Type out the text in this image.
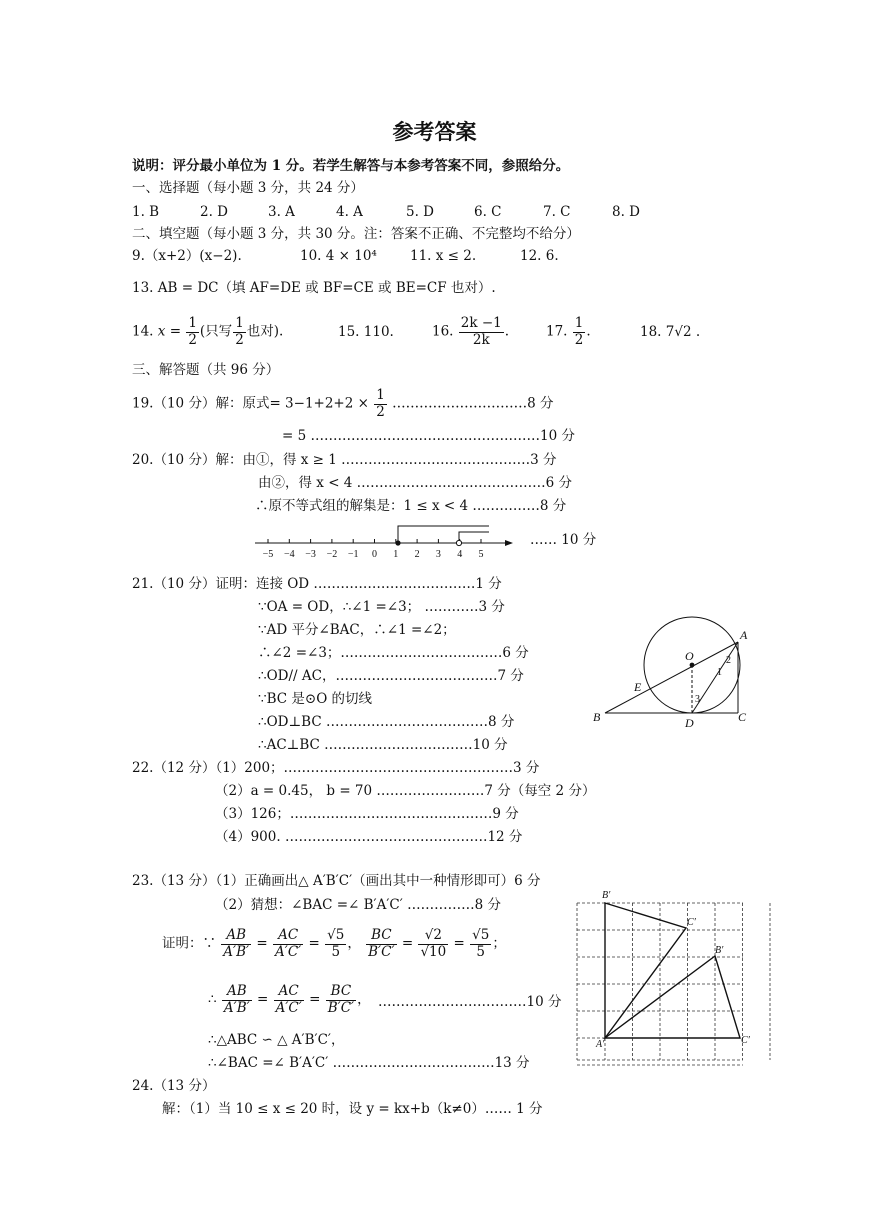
参考答案
说明：评分最小单位为 1 分。若学生解答与本参考答案不同，参照给分。
一、选择题（每小题 3 分，共 24 分）
1. B	2. D	3. A	4. A	5. D	6. C	7. C	8. D
二、填空题（每小题 3 分，共 30 分。注：答案不正确、不完整均不给分）
9.（x+2）(x−2).	10. 4 × 10⁴ 11. x ≤ 2.	12. 6.
13. AB = DC（填 AF=DE 或 BF=CE 或 BE=CF 也对）.
14. $x = \frac{1}{2}$ (只写 $\frac{1}{2}$ 也对).	15. 110.	16. $\frac{2k -1}{2k}$ .	17. $\frac{1}{2}$ .	18. 7√2 .
三、解答题（共 96 分）
19.（10 分）解：原式= $3-1+2+2 \times \frac{1}{2}$ …………………………8 分
= 5 ……………………………………………10 分
20.（10 分）解：由①，得 x ≥ 1 ……………………………………3 分
由②，得 x < 4 ……………………………………6 分
∴原不等式组的解集是：1 ≤ x < 4 ……………8 分
−5 −4 −3 −2 −1 0 1 2 3 4 5
…… 10 分
21.（10 分）证明：连接 OD ………………………………1 分
∵OA = OD，∴∠1 =∠3； …………3 分
∵AD 平分∠BAC，∴∠1 =∠2；
∴∠2 =∠3；………………………………6 分
∴OD// AC，………………………………7 分
∵BC 是⊙O 的切线
∴OD⊥BC ………………………………8 分
∴AC⊥BC ……………………………10 分
A
O
1
2
E
3
B	D	C
22.（12 分）（1）200；……………………………………………3 分
（2）a = 0.45， b = 70 ……………………7 分（每空 2 分）
（3）126；………………………………………9 分
（4）900. ………………………………………12 分
23.（13 分）（1）正确画出△ A′B′C′（画出其中一种情形即可）6 分
（2）猜想：∠BAC =∠ B′A′C′ ……………8 分
证明：∵ $\frac{AB}{A'B'} = \frac{AC}{A'C'} = \frac{√5}{5}$ ， $\frac{BC}{B'C'} = \frac{√2}{√10} = \frac{√5}{5}$ ；
∴ $\frac{AB}{A'B'} = \frac{AC}{A'C'} = \frac{BC}{B'C'}$ ， ……………………………10 分
∴△ABC ∽ △ A′B′C′，
∴∠BAC =∠ B′A′C′ ………………………………13 分
B′
C′
B′
A′	C′
24.（13 分）
解：（1）当 10 ≤ x ≤ 20 时，设 y = kx+b（k≠0）…… 1 分
